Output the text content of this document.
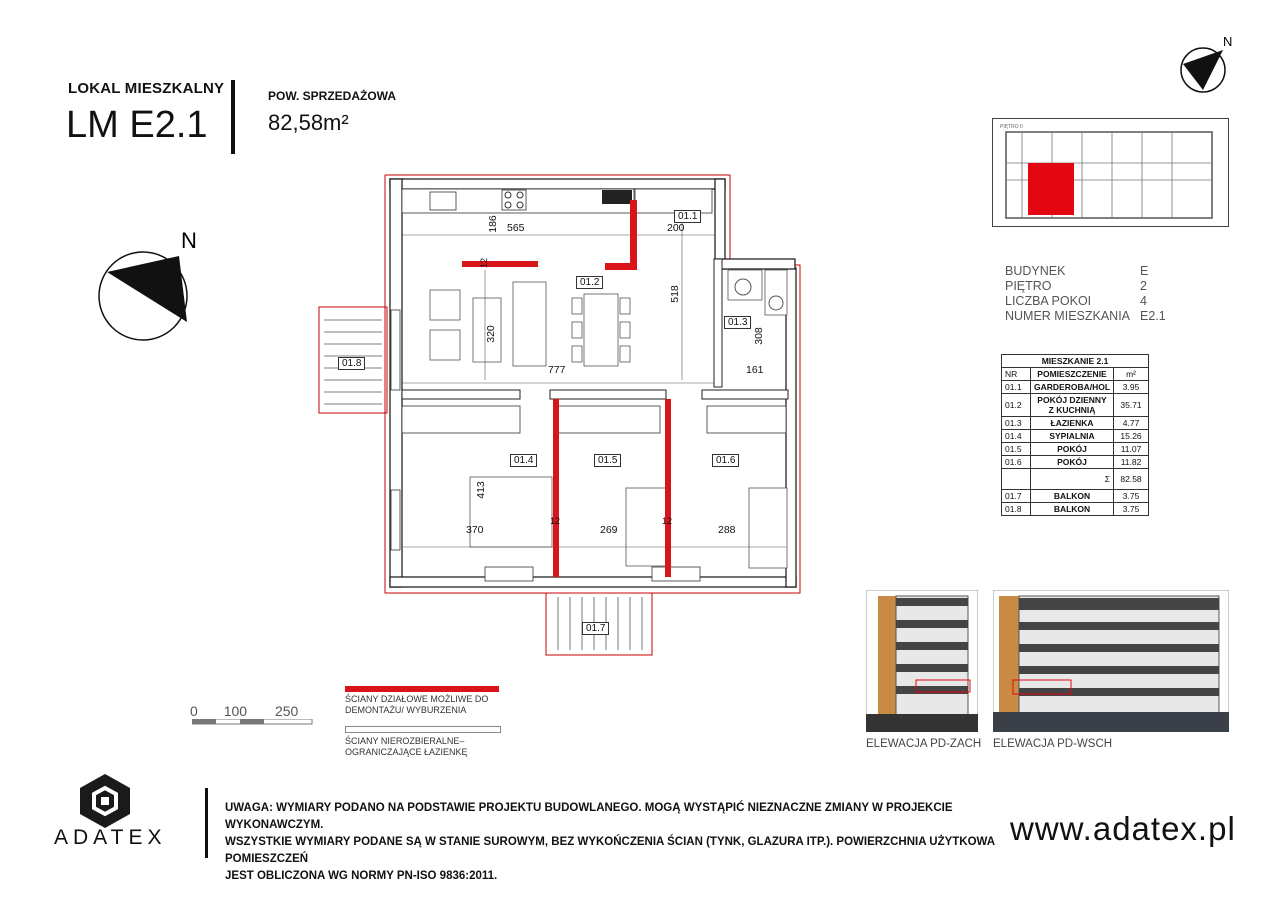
LOKAL MIESZKALNY
LM E2.1
POW. SPRZEDAŻOWA
82,58m²
N
N
PIĘTRO II
BUDYNEK	E
PIĘTRO	2
LICZBA POKOI	4
NUMER MIESZKANIA E2.1
MIESZKANIE 2.1		
NR	POMIESZCZENIE	m²
01.1	GARDEROBA/HOL	3.95
01.2	POKÓJ DZIENNY Z KUCHNIĄ	35.71
01.3	ŁAZIENKA	4.77
01.4	SYPIALNIA	15.26
01.5	POKÓJ	11.07
01.6	POKÓJ	11.82
	Σ	82.58
01.7	BALKON	3.75
01.8	BALKON	3.75
01.1
01.2
01.3
01.4	01.5	01.6
01.7
01.8
186 565	200
12
518
320	308
777	161
413
370
12
269
12
288
0 100 250
ŚCIANY DZIAŁOWE MOŻLIWE DO DEMONTAŻU/ WYBURZENIA
ŚCIANY NIEROZBIERALNE–OGRANICZAJĄCE ŁAZIENKĘ
ELEWACJA PD-ZACH ELEWACJA PD-WSCH
ADATEX
UWAGA: WYMIARY PODANO NA PODSTAWIE PROJEKTU BUDOWLANEGO. MOGĄ WYSTĄPIĆ NIEZNACZNE ZMIANY W PROJEKCIE WYKONAWCZYM.
WSZYSTKIE WYMIARY PODANE SĄ W STANIE SUROWYM, BEZ WYKOŃCZENIA ŚCIAN (TYNK, GLAZURA ITP.). POWIERZCHNIA UŻYTKOWA POMIESZCZEŃ
JEST OBLICZONA WG NORMY PN-ISO 9836:2011.
www.adatex.pl
